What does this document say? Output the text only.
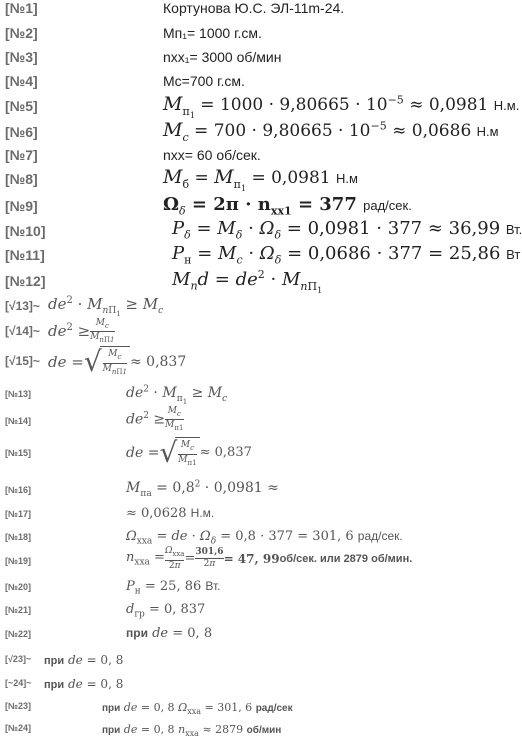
[№1]	Кортунова Ю.С. ЭЛ-11m-24.
[№2]	Mп₁= 1000 г.см.
[№3]	nхх₁= 3000 об/мин
[№4]	Mc=700 г.см.
[№5]	$M_{п_1} = 1000 \cdot 9,80665 \cdot 10^{-5} \approx 0,0981$ Н.м.
[№6]	$M_c = 700 \cdot 9,80665 \cdot 10^{-5} \approx 0,0686$ Н.м
[№7]	nхх= 60 об/сек.
[№8]	$M_б = M_{п_1} = 0,0981$ Н.м
[№9]	$\Omega_\delta = 2\pi \cdot n_{xx1} = 377$ рад/сек.
[№10]	$P_\delta = M_\delta \cdot \Omega_\delta = 0,0981 \cdot 377 \approx 36,99$ Вт.
[№11]	$P_н = M_c \cdot \Omega_\delta = 0,0686 \cdot 377 = 25,86$ Вт
[№12]	$M_nd = de^2 \cdot M_{nП_1}$
[√13]~ $de^2 \cdot M_{nП_1} \ge M_c$
[√14]~ $de^2 \ge M_c$
$M_{nП1}$
[√15]~ de =√ $M_c$
$M_{nП1}$
≈ 0,837
[№13]	$de^2 \cdot M_{п_1} \ge M_c$
[№14]	$de^2$ ≥
$M_c$
$M_{п1}$
[№15]	de =√ $M_c$
$M_{п1}$
≈ 0,837
[№16]	$M_{па} = 0,8^2 \cdot 0,0981$ ≈
[№17]	≈ 0,0628 Н.м.
[№18]	$\Omega_{хха}$ = de · $\Omega_\delta = 0,8 \cdot 377 = 301$, 6 рад/сек.
[№19]	$n_{хха} = \Omega_{хха}$
$2\pi = \frac{301,6}{2\pi} = 47$, 99об/сек. или 2879 об/мин.
[№20]	$P_н = 25$, 86 Вт.
[№21]	$d_{гр} = 0$, 837
[№22]	при de = 0, 8
[√23]~ при de = 0, 8
[~24]~ при de = 0, 8
[№23]	при de = 0, 8 $\Omega_{хха} = 301$, 6 рад/сек
[№24]	при de = 0, 8 $n_{хха} \approx 2879$ об/мин
